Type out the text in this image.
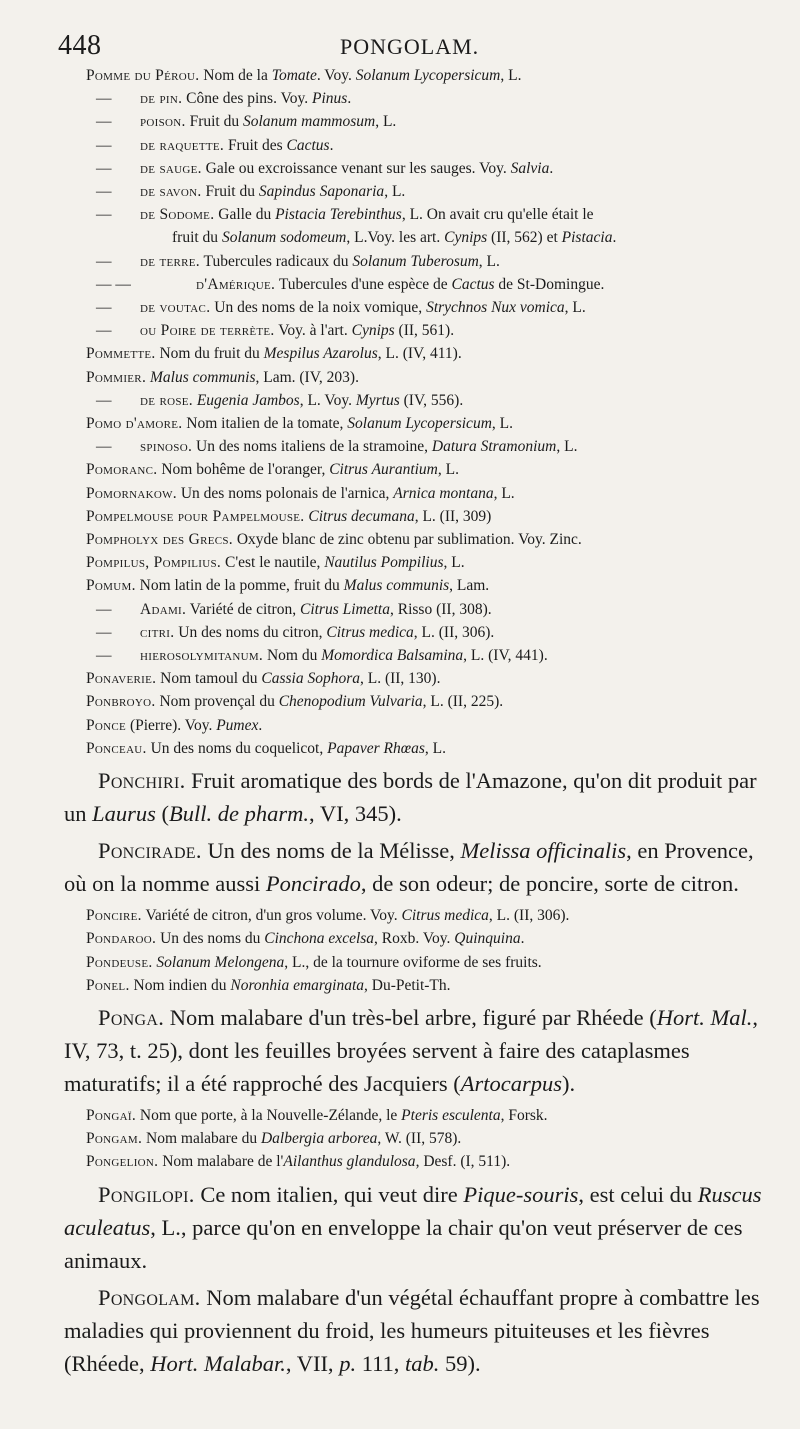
448	PONGOLAM.
Pomme du Pérou. Nom de la Tomate. Voy. Solanum Lycopersicum, L.
— de pin. Cône des pins. Voy. Pinus.
— poison. Fruit du Solanum mammosum, L.
— de raquette. Fruit des Cactus.
— de sauge. Gale ou excroissance venant sur les sauges. Voy. Salvia.
— de savon. Fruit du Sapindus Saponaria, L.
— de Sodome. Galle du Pistacia Terebinthus, L. On avait cru qu'elle était le
fruit du Solanum sodomeum, L.Voy. les art. Cynips (II, 562) et Pistacia.
— de terre. Tubercules radicaux du Solanum Tuberosum, L.
— —	d'Amérique. Tubercules d'une espèce de Cactus de St-Domingue.
— de voutac. Un des noms de la noix vomique, Strychnos Nux vomica, L.
— ou Poire de terrète. Voy. à l'art. Cynips (II, 561).
Pommette. Nom du fruit du Mespilus Azarolus, L. (IV, 411).
Pommier. Malus communis, Lam. (IV, 203).
— de rose. Eugenia Jambos, L. Voy. Myrtus (IV, 556).
Pomo d'amore. Nom italien de la tomate, Solanum Lycopersicum, L.
— spinoso. Un des noms italiens de la stramoine, Datura Stramonium, L.
Pomoranc. Nom bohême de l'oranger, Citrus Aurantium, L.
Pomornakow. Un des noms polonais de l'arnica, Arnica montana, L.
Pompelmouse pour Pampelmouse. Citrus decumana, L. (II, 309)
Pompholyx des Grecs. Oxyde blanc de zinc obtenu par sublimation. Voy. Zinc.
Pompilus, Pompilius. C'est le nautile, Nautilus Pompilius, L.
Pomum. Nom latin de la pomme, fruit du Malus communis, Lam.
— Adami. Variété de citron, Citrus Limetta, Risso (II, 308).
— citri. Un des noms du citron, Citrus medica, L. (II, 306).
— hierosolymitanum. Nom du Momordica Balsamina, L. (IV, 441).
Ponaverie. Nom tamoul du Cassia Sophora, L. (II, 130).
Ponbroyo. Nom provençal du Chenopodium Vulvaria, L. (II, 225).
Ponce (Pierre). Voy. Pumex.
Ponceau. Un des noms du coquelicot, Papaver Rhœas, L.
Ponchiri. Fruit aromatique des bords de l'Amazone, qu'on dit produit par un Laurus (Bull. de pharm., VI, 345).
Poncirade. Un des noms de la Mélisse, Melissa officinalis, en Provence, où on la nomme aussi Poncirado, de son odeur; de poncire, sorte de citron.
Poncire. Variété de citron, d'un gros volume. Voy. Citrus medica, L. (II, 306).
Pondaroo. Un des noms du Cinchona excelsa, Roxb. Voy. Quinquina.
Pondeuse. Solanum Melongena, L., de la tournure oviforme de ses fruits.
Ponel. Nom indien du Noronhia emarginata, Du-Petit-Th.
Ponga. Nom malabare d'un très-bel arbre, figuré par Rhéede (Hort. Mal., IV, 73, t. 25), dont les feuilles broyées servent à faire des cataplasmes maturatifs; il a été rapproché des Jacquiers (Artocarpus).
Pongaï. Nom que porte, à la Nouvelle-Zélande, le Pteris esculenta, Forsk.
Pongam. Nom malabare du Dalbergia arborea, W. (II, 578).
Pongelion. Nom malabare de l'Ailanthus glandulosa, Desf. (I, 511).
Pongilopi. Ce nom italien, qui veut dire Pique-souris, est celui du Ruscus aculeatus, L., parce qu'on en enveloppe la chair qu'on veut préserver de ces animaux.
Pongolam. Nom malabare d'un végétal échauffant propre à combattre les maladies qui proviennent du froid, les humeurs pituiteuses et les fièvres (Rhéede, Hort. Malabar., VII, p. 111, tab. 59).
